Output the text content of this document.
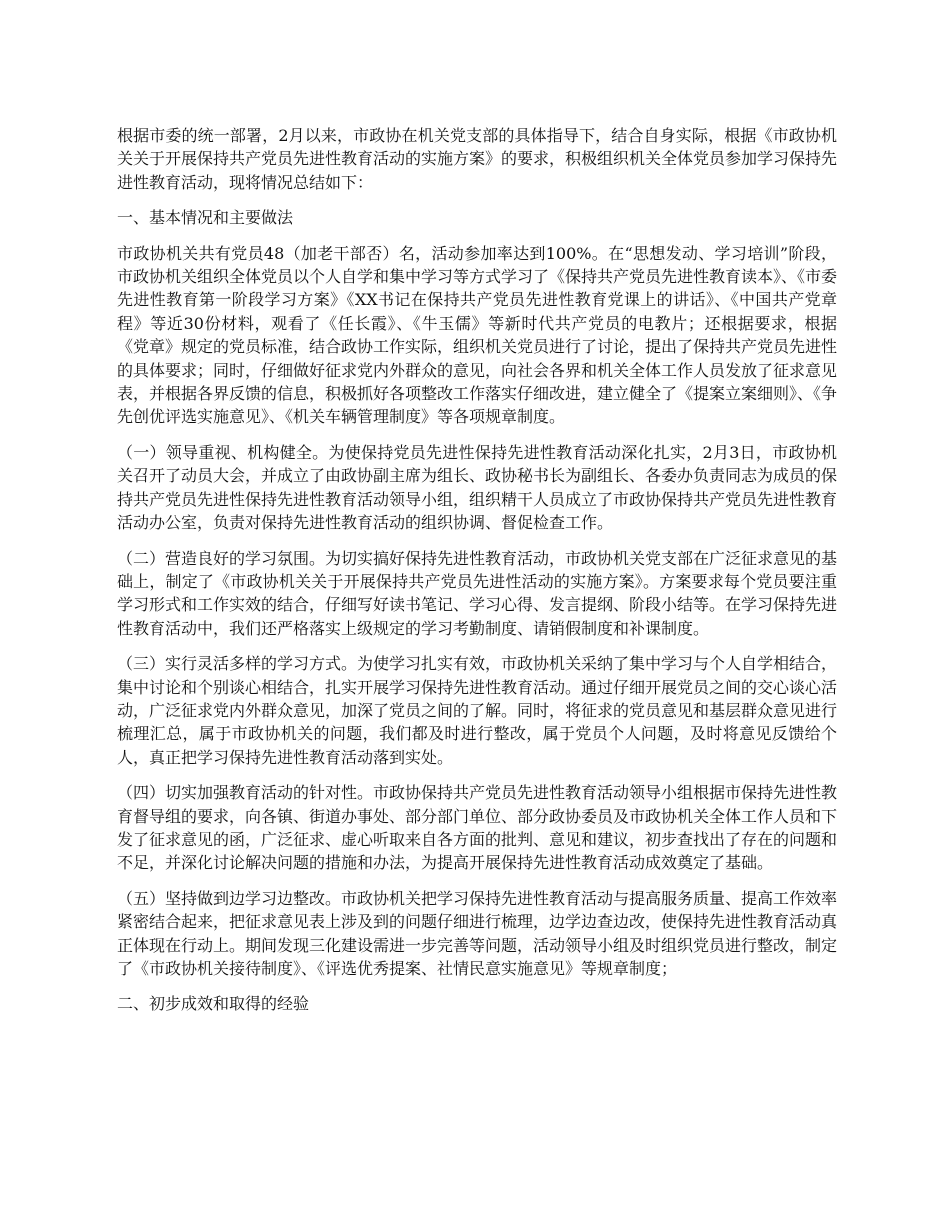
根据市委的统一部署，2月以来，市政协在机关党支部的具体指导下，结合自身实际，根据《市政协机关关于开展保持共产党员先进性教育活动的实施方案》的要求，积极组织机关全体党员参加学习保持先进性教育活动，现将情况总结如下：

一、基本情况和主要做法

市政协机关共有党员48（加老干部否）名，活动参加率达到100%。在“思想发动、学习培训”阶段，市政协机关组织全体党员以个人自学和集中学习等方式学习了《保持共产党员先进性教育读本》、《市委先进性教育第一阶段学习方案》《XX书记在保持共产党员先进性教育党课上的讲话》、《中国共产党章程》等近30份材料，观看了《任长霞》、《牛玉儒》等新时代共产党员的电教片；还根据要求，根据《党章》规定的党员标准，结合政协工作实际，组织机关党员进行了讨论，提出了保持共产党员先进性的具体要求；同时，仔细做好征求党内外群众的意见，向社会各界和机关全体工作人员发放了征求意见表，并根据各界反馈的信息，积极抓好各项整改工作落实仔细改进，建立健全了《提案立案细则》、《争先创优评选实施意见》、《机关车辆管理制度》等各项规章制度。

（一）领导重视、机构健全。为使保持党员先进性保持先进性教育活动深化扎实，2月3日，市政协机关召开了动员大会，并成立了由政协副主席为组长、政协秘书长为副组长、各委办负责同志为成员的保持共产党员先进性保持先进性教育活动领导小组，组织精干人员成立了市政协保持共产党员先进性教育活动办公室，负责对保持先进性教育活动的组织协调、督促检查工作。

（二）营造良好的学习氛围。为切实搞好保持先进性教育活动，市政协机关党支部在广泛征求意见的基础上，制定了《市政协机关关于开展保持共产党员先进性活动的实施方案》。方案要求每个党员要注重学习形式和工作实效的结合，仔细写好读书笔记、学习心得、发言提纲、阶段小结等。在学习保持先进性教育活动中，我们还严格落实上级规定的学习考勤制度、请销假制度和补课制度。

（三）实行灵活多样的学习方式。为使学习扎实有效，市政协机关采纳了集中学习与个人自学相结合，集中讨论和个别谈心相结合，扎实开展学习保持先进性教育活动。通过仔细开展党员之间的交心谈心活动，广泛征求党内外群众意见，加深了党员之间的了解。同时，将征求的党员意见和基层群众意见进行梳理汇总，属于市政协机关的问题，我们都及时进行整改，属于党员个人问题，及时将意见反馈给个人，真正把学习保持先进性教育活动落到实处。

（四）切实加强教育活动的针对性。市政协保持共产党员先进性教育活动领导小组根据市保持先进性教育督导组的要求，向各镇、街道办事处、部分部门单位、部分政协委员及市政协机关全体工作人员和下发了征求意见的函，广泛征求、虚心听取来自各方面的批判、意见和建议，初步查找出了存在的问题和不足，并深化讨论解决问题的措施和办法，为提高开展保持先进性教育活动成效奠定了基础。

（五）坚持做到边学习边整改。市政协机关把学习保持先进性教育活动与提高服务质量、提高工作效率紧密结合起来，把征求意见表上涉及到的问题仔细进行梳理，边学边查边改，使保持先进性教育活动真正体现在行动上。期间发现三化建设需进一步完善等问题，活动领导小组及时组织党员进行整改，制定了《市政协机关接待制度》、《评选优秀提案、社情民意实施意见》等规章制度；

二、初步成效和取得的经验
